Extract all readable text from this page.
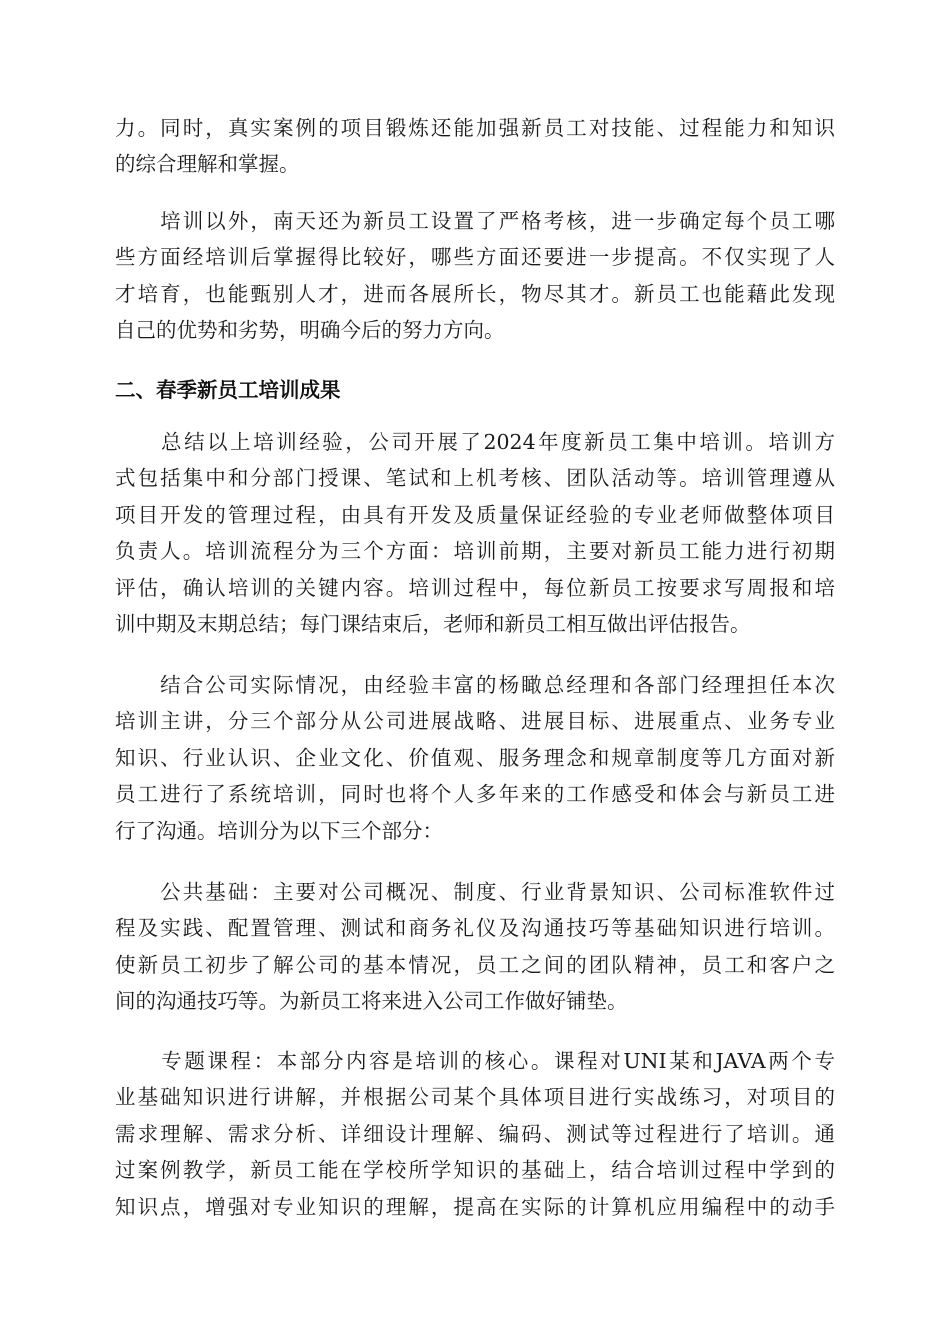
力。同时，真实案例的项目锻炼还能加强新员工对技能、过程能力和知识
的综合理解和掌握。
　　培训以外，南天还为新员工设置了严格考核，进一步确定每个员工哪
些方面经培训后掌握得比较好，哪些方面还要进一步提高。不仅实现了人
才培育，也能甄别人才，进而各展所长，物尽其才。新员工也能藉此发现
自己的优势和劣势，明确今后的努力方向。
二、春季新员工培训成果
　　总结以上培训经验，公司开展了2024年度新员工集中培训。培训方
式包括集中和分部门授课、笔试和上机考核、团队活动等。培训管理遵从
项目开发的管理过程，由具有开发及质量保证经验的专业老师做整体项目
负责人。培训流程分为三个方面：培训前期，主要对新员工能力进行初期
评估，确认培训的关键内容。培训过程中，每位新员工按要求写周报和培
训中期及末期总结；每门课结束后，老师和新员工相互做出评估报告。
　　结合公司实际情况，由经验丰富的杨瞰总经理和各部门经理担任本次
培训主讲，分三个部分从公司进展战略、进展目标、进展重点、业务专业
知识、行业认识、企业文化、价值观、服务理念和规章制度等几方面对新
员工进行了系统培训，同时也将个人多年来的工作感受和体会与新员工进
行了沟通。培训分为以下三个部分：
　　公共基础：主要对公司概况、制度、行业背景知识、公司标准软件过
程及实践、配置管理、测试和商务礼仪及沟通技巧等基础知识进行培训。
使新员工初步了解公司的基本情况，员工之间的团队精神，员工和客户之
间的沟通技巧等。为新员工将来进入公司工作做好铺垫。
　　专题课程：本部分内容是培训的核心。课程对UNI某和JAVA两个专
业基础知识进行讲解，并根据公司某个具体项目进行实战练习，对项目的
需求理解、需求分析、详细设计理解、编码、测试等过程进行了培训。通
过案例教学，新员工能在学校所学知识的基础上，结合培训过程中学到的
知识点，增强对专业知识的理解，提高在实际的计算机应用编程中的动手
